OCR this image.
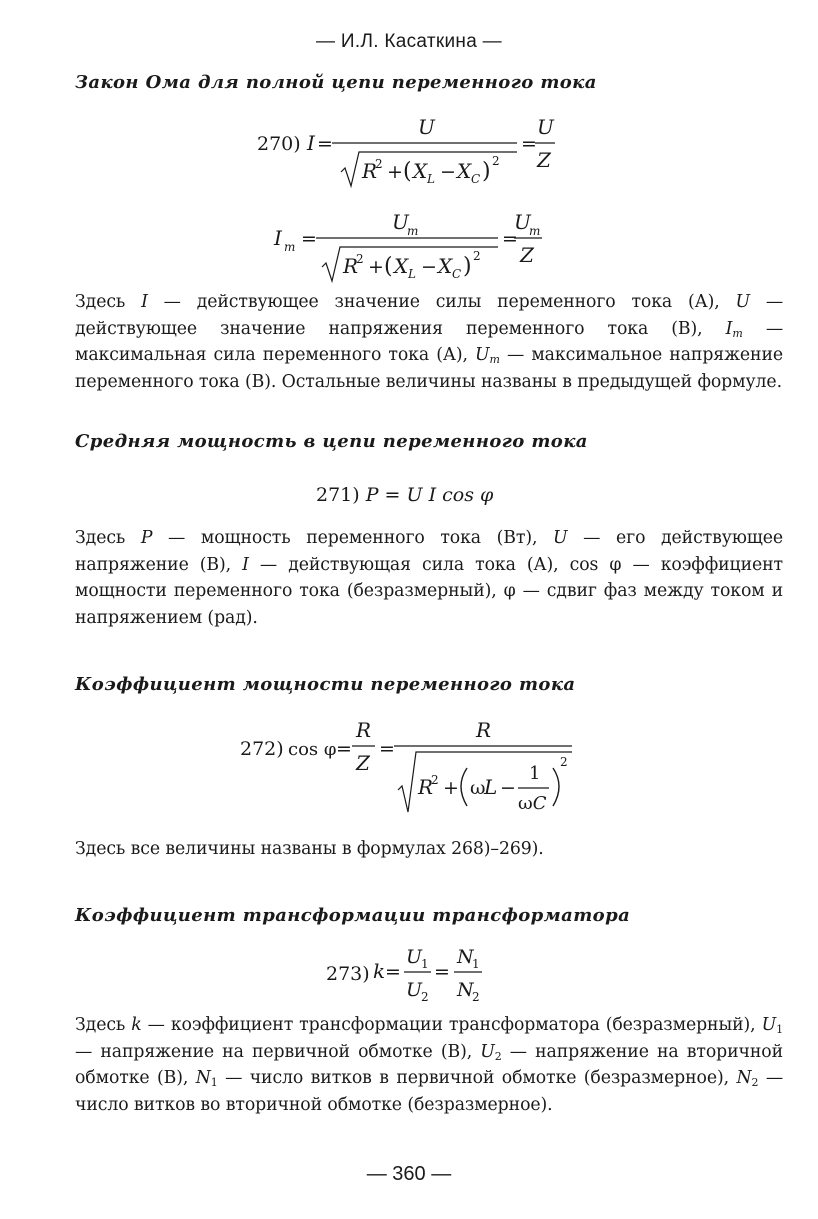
— И.Л. Касаткина —
Закон Ома для полной цепи переменного тока
270) I =
U
R
2 + ( X L − X C ) 2
=
U
Z
I m =
U
m
R
2 + ( X L − X C ) 2
=
U
m
Z
Здесь I — действующее значение силы переменного тока (А), U — действующее значение напряжения переменного тока (В), $I_m$ — максимальная сила переменного тока (А), $U_m$ — максимальное напряжение переменного тока (В). Остальные величины названы в предыдущей формуле.
Средняя мощность в цепи переменного тока
271) P = U I cos φ
Здесь P — мощность переменного тока (Вт), U — его действующее напряжение (В), I — действующая сила тока (А), cos φ — коэффициент мощности переменного тока (безразмерный), φ — сдвиг фаз между током и напряжением (рад).
Коэффициент мощности переменного тока
272) cos φ =
R
Z
=
R
R
2 + ω
L −
1
ωC
2
Здесь все величины названы в формулах 268)–269).
Коэффициент трансформации трансформатора
273) k =
U
1
U
2
=
N
1
N
2
Здесь k — коэффициент трансформации трансформатора (безразмерный), $U_1$ — напряжение на первичной обмотке (В), $U_2$ — напряжение на вторичной обмотке (В), $N_1$ — число витков в первичной обмотке (безразмерное), $N_2$ — число витков во вторичной обмотке (безразмерное).
— 360 —
